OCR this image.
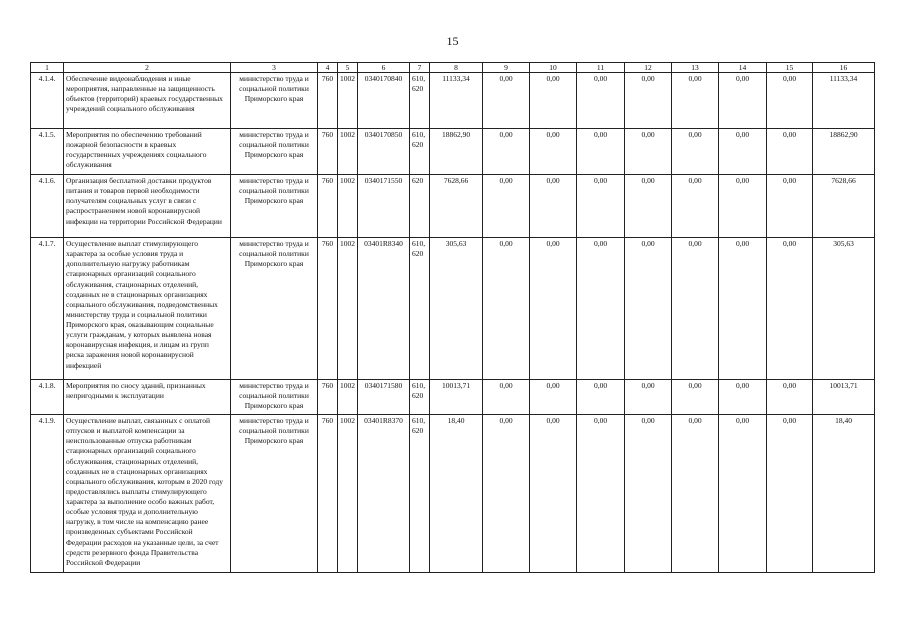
15
1	2	3	4	5	6	7	8	9	10	11	12	13	14	15	16
4.1.4.	Обеспечение видеонаблюдения и иные мероприятия, направленные на защищенность объектов (территорий) краевых государственных учреждений социального обслуживания	министерство труда и социальной политики Приморского края	760	1002	0340170840	610, 620	11133,34	0,00	0,00	0,00	0,00	0,00	0,00	0,00	11133,34
4.1.5.	Мероприятия по обеспечению требований пожарной безопасности в краевых государственных учреждениях социального обслуживания	министерство труда и социальной политики Приморского края	760	1002	0340170850	610, 620	18862,90	0,00	0,00	0,00	0,00	0,00	0,00	0,00	18862,90
4.1.6.	Организация бесплатной доставки продуктов питания и товаров первой необходимости получателям социальных услуг в связи с распространением новой коронавирусной инфекции на территории Российской Федерации	министерство труда и социальной политики Приморского края	760	1002	0340171550	620	7628,66	0,00	0,00	0,00	0,00	0,00	0,00	0,00	7628,66
4.1.7.	Осуществление выплат стимулирующего характера за особые условия труда и дополнительную нагрузку работникам стационарных организаций социального обслуживания, стационарных отделений, созданных не в стационарных организациях социального обслуживания, подведомственных министерству труда и социальной политики Приморского края, оказывающим социальные услуги гражданам, у которых выявлена новая коронавирусная инфекция, и лицам из групп риска заражения новой коронавирусной инфекцией	министерство труда и социальной политики Приморского края	760	1002	03401R8340	610, 620	305,63	0,00	0,00	0,00	0,00	0,00	0,00	0,00	305,63
4.1.8.	Мероприятия по сносу зданий, признанных непригодными к эксплуатации	министерство труда и социальной политики Приморского края	760	1002	0340171580	610, 620	10013,71	0,00	0,00	0,00	0,00	0,00	0,00	0,00	10013,71
4.1.9.	Осуществление выплат, связанных с оплатой отпусков и выплатой компенсации за неиспользованные отпуска работникам стационарных организаций социального обслуживания, стационарных отделений, созданных не в стационарных организациях социального обслуживания, которым в 2020 году предоставлялись выплаты стимулирующего характера за выполнение особо важных работ, особые условия труда и дополнительную нагрузку, в том числе на компенсацию ранее произведенных субъектами Российской Федерации расходов на указанные цели, за счет средств резервного фонда Правительства Российской Федерации	министерство труда и социальной политики Приморского края	760	1002	03401R8370	610, 620	18,40	0,00	0,00	0,00	0,00	0,00	0,00	0,00	18,40
